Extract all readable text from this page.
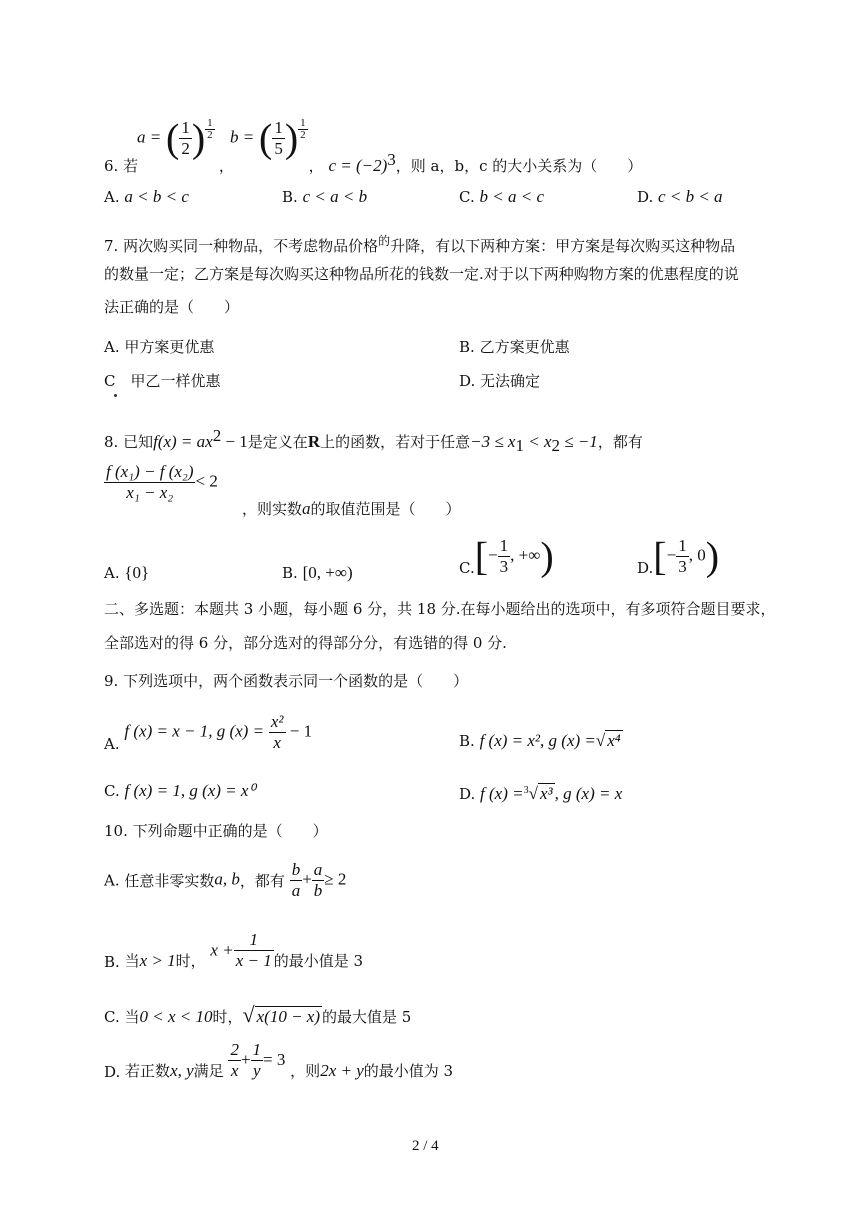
a = ( $\frac{1}{2}$ ) $\frac{1}{2}$ b = ( $\frac{1}{5}$ ) $\frac{1}{2}$
6. 若	，	， $c = (-2)^3$，则 a，b，c 的大小关系为（　　）
A. a < b < c	B. c < a < b	C. b < a < c	D. c < b < a
7. 两次购买同一种物品，不考虑物品价格$^的$升降，有以下两种方案：甲方案是每次购买这种物品
的数量一定；乙方案是每次购买这种物品所花的钱数一定.对于以下两种购物方案的优惠程度的说
法正确的是（　　）
A. 甲方案更优惠	B. 乙方案更优惠
C　 甲乙一样优惠	D. 无法确定
8. 已知$f(x) = ax^2 - 1$是定义在R上的函数，若对于任意$-3 \le x_1 < x_2 \le -1$，都有
$\frac{\text{f (x₁) − f (x₂)}}{\text{x₁ − x₂}} < 2$
，则实数a的取值范围是（　　）
A. {0}	B. [0, +∞)	$C.[- \frac{1}{3}$ , +∞)	$D.[- \frac{1}{3}$ , 0)
二、多选题：本题共 3 小题，每小题 6 分，共 18 分.在每小题给出的选项中，有多项符合题目要求，
全部选对的得 6 分，部分选对的得部分分，有选错的得 0 分.
9. 下列选项中，两个函数表示同一个函数的是（　　）
A. f (x) = x − 1, g $(x) = \frac{\text{x²}}{x} - 1$
B. f (x) = x², g (x) =√ x⁴
C. f (x) = 1, g (x) = x⁰	D. f (x) =$^3$√ x³ , g (x) = x
10. 下列命题中正确的是（　　）
A. 任意非零实数a, b，都有 $\frac{b}{a} + \frac{a}{b} \ge 2$
B. 当x > 1时， $x + \frac{1}{x - 1}$ 的最小值是 3
C. 当0 < x < 10时，√ x(10 − x) 的最大值是 5
D. 若正数x, y满足 $\frac{2}{x} + \frac{1}{y} = 3$ ，则2x + y的最小值为 3
2 / 4
